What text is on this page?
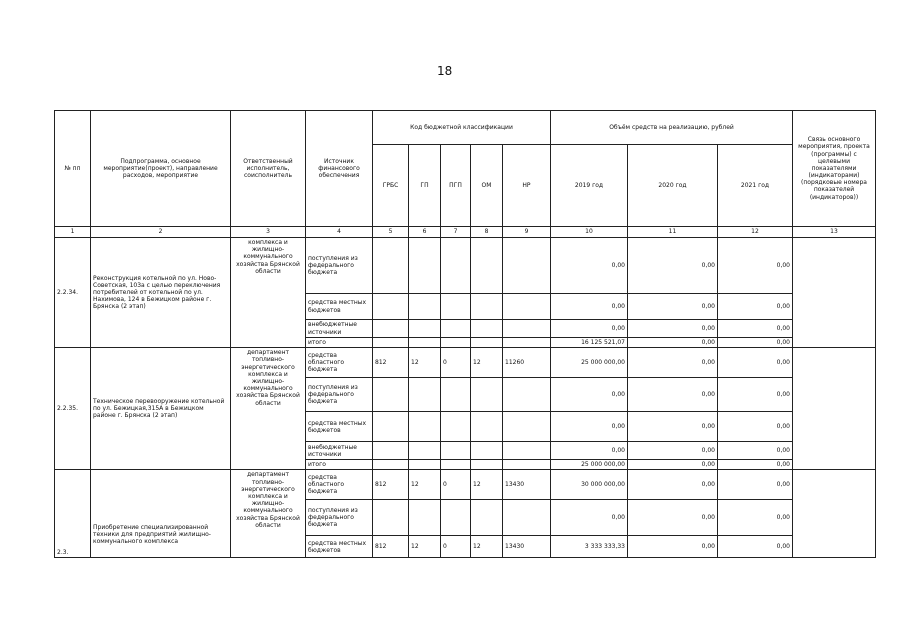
18
№ пп	Подпрограмма, основное мероприятие(проект), направление расходов, мероприятие	Ответственный исполнитель, соисполнитель	Источник финансового обеспечения	Код бюджетной классификации					Объём средств на реализацию, рублей			Связь основного мероприятия, проекта (программы) с целевыми показателями (индикаторами) (порядковые номера показателей (индикаторов))
				ГРБС	ГП	ПГП	ОМ	НР	2019 год	2020 год	2021 год	
1	2	3	4	5	6	7	8	9	10	11	12	13
2.2.34.	Реконструкция котельной по ул. Ново-Советская, 103а с целью переключения потребителей от котельной по ул. Нахимова, 124 в Бежицком районе г. Брянска (2 этап)	комплекса и жилищно-коммунального хозяйства Брянской области	поступления из федерального бюджета						0,00	0,00	0,00	
			средства местных бюджетов						0,00	0,00	0,00	
			внебюджетные источники						0,00	0,00	0,00	
			итого						16 125 521,07	0,00	0,00	
2.2.35.	Техническое перевооружение котельной по ул. Бежицкая,315А в Бежицком районе г. Брянска (2 этап)	департамент топливно-энергетического комплекса и жилищно-коммунального хозяйства Брянской области	средства областного бюджета	812	12	0	12	11260	25 000 000,00	0,00	0,00	
			поступления из федерального бюджета						0,00	0,00	0,00	
			средства местных бюджетов						0,00	0,00	0,00	
			внебюджетные источники						0,00	0,00	0,00	
			итого						25 000 000,00	0,00	0,00	
2.3.	Приобретение специализированной техники для предприятий жилищно-коммунального комплекса	департамент топливно-энергетического комплекса и жилищно-коммунального хозяйства Брянской области	средства областного бюджета	812	12	0	12	13430	30 000 000,00	0,00	0,00	
			поступления из федерального бюджета						0,00	0,00	0,00	
			средства местных бюджетов	812	12	0	12	13430	3 333 333,33	0,00	0,00	
